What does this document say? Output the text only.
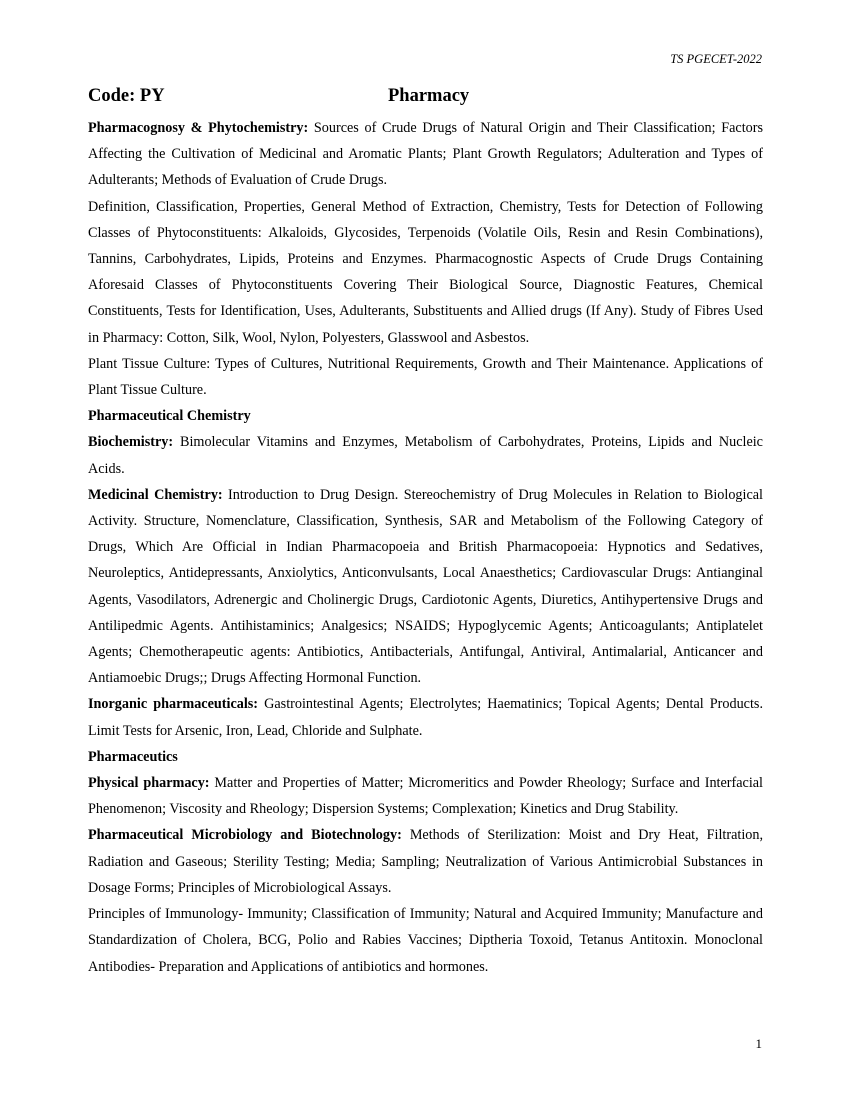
TS PGECET-2022
Code: PY	Pharmacy

Pharmacognosy & Phytochemistry: Sources of Crude Drugs of Natural Origin and Their Classification; Factors Affecting the Cultivation of Medicinal and Aromatic Plants; Plant Growth Regulators; Adulteration and Types of Adulterants; Methods of Evaluation of Crude Drugs.

Definition, Classification, Properties, General Method of Extraction, Chemistry, Tests for Detection of Following Classes of Phytoconstituents: Alkaloids, Glycosides, Terpenoids (Volatile Oils, Resin and Resin Combinations), Tannins, Carbohydrates, Lipids, Proteins and Enzymes. Pharmacognostic Aspects of Crude Drugs Containing Aforesaid Classes of Phytoconstituents Covering Their Biological Source, Diagnostic Features, Chemical Constituents, Tests for Identification, Uses, Adulterants, Substituents and Allied drugs (If Any). Study of Fibres Used in Pharmacy: Cotton, Silk, Wool, Nylon, Polyesters, Glasswool and Asbestos.

Plant Tissue Culture: Types of Cultures, Nutritional Requirements, Growth and Their Maintenance. Applications of Plant Tissue Culture.

Pharmaceutical Chemistry

Biochemistry: Bimolecular Vitamins and Enzymes, Metabolism of Carbohydrates, Proteins, Lipids and Nucleic Acids.

Medicinal Chemistry: Introduction to Drug Design. Stereochemistry of Drug Molecules in Relation to Biological Activity. Structure, Nomenclature, Classification, Synthesis, SAR and Metabolism of the Following Category of Drugs, Which Are Official in Indian Pharmacopoeia and British Pharmacopoeia: Hypnotics and Sedatives, Neuroleptics, Antidepressants, Anxiolytics, Anticonvulsants, Local Anaesthetics; Cardiovascular Drugs: Antianginal Agents, Vasodilators, Adrenergic and Cholinergic Drugs, Cardiotonic Agents, Diuretics, Antihypertensive Drugs and Antilipedmic Agents. Antihistaminics; Analgesics; NSAIDS; Hypoglycemic Agents; Anticoagulants; Antiplatelet Agents; Chemotherapeutic agents: Antibiotics, Antibacterials, Antifungal, Antiviral, Antimalarial, Anticancer and Antiamoebic Drugs;; Drugs Affecting Hormonal Function.

Inorganic pharmaceuticals: Gastrointestinal Agents; Electrolytes; Haematinics; Topical Agents; Dental Products. Limit Tests for Arsenic, Iron, Lead, Chloride and Sulphate.

Pharmaceutics

Physical pharmacy: Matter and Properties of Matter; Micromeritics and Powder Rheology; Surface and Interfacial Phenomenon; Viscosity and Rheology; Dispersion Systems; Complexation; Kinetics and Drug Stability.

Pharmaceutical Microbiology and Biotechnology: Methods of Sterilization: Moist and Dry Heat, Filtration, Radiation and Gaseous; Sterility Testing; Media; Sampling; Neutralization of Various Antimicrobial Substances in Dosage Forms; Principles of Microbiological Assays.

Principles of Immunology- Immunity; Classification of Immunity; Natural and Acquired Immunity; Manufacture and Standardization of Cholera, BCG, Polio and Rabies Vaccines; Diptheria Toxoid, Tetanus Antitoxin. Monoclonal Antibodies- Preparation and Applications of antibiotics and hormones.

1
